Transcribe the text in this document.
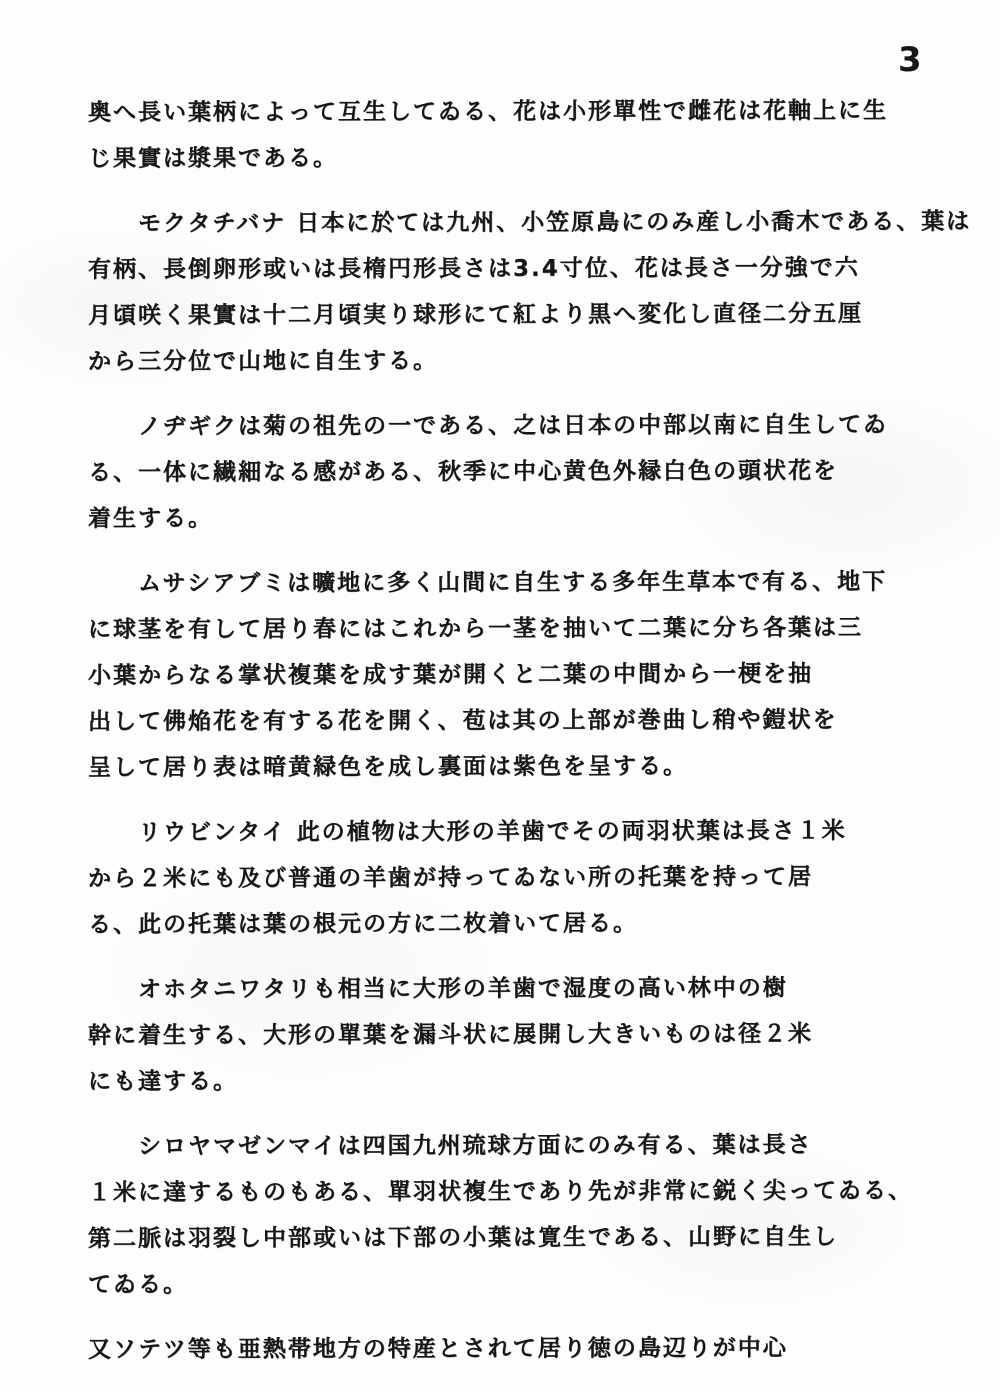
3
奥へ長い葉柄によって互生してゐる、花は小形單性で雌花は花軸上に生
じ果實は漿果である。
モクタチバナ 日本に於ては九州、小笠原島にのみ産し小喬木である、葉は
有柄、長倒卵形或いは長楕円形長さは3.4寸位、花は長さ一分強で六
月頃咲く果實は十二月頃実り球形にて紅より黒へ変化し直径二分五厘
から三分位で山地に自生する。
ノヂギクは菊の祖先の一である、之は日本の中部以南に自生してゐ
る、一体に繊細なる感がある、秋季に中心黄色外縁白色の頭状花を
着生する。
ムサシアブミは曠地に多く山間に自生する多年生草本で有る、地下
に球茎を有して居り春にはこれから一茎を抽いて二葉に分ち各葉は三
小葉からなる掌状複葉を成す葉が開くと二葉の中間から一梗を抽
出して佛焔花を有する花を開く、苞は其の上部が巻曲し稍や鎧状を
呈して居り表は暗黄緑色を成し裏面は紫色を呈する。
リウビンタイ 此の植物は大形の羊歯でその両羽状葉は長さ１米
から２米にも及び普通の羊歯が持ってゐない所の托葉を持って居
る、此の托葉は葉の根元の方に二枚着いて居る。
オホタニワタリも相当に大形の羊歯で湿度の高い林中の樹
幹に着生する、大形の單葉を漏斗状に展開し大きいものは径２米
にも達する。
シロヤマゼンマイは四国九州琉球方面にのみ有る、葉は長さ
１米に達するものもある、單羽状複生であり先が非常に鋭く尖ってゐる、
第二脈は羽裂し中部或いは下部の小葉は寛生である、山野に自生し
てゐる。
又ソテツ等も亜熱帯地方の特産とされて居り徳の島辺りが中心
